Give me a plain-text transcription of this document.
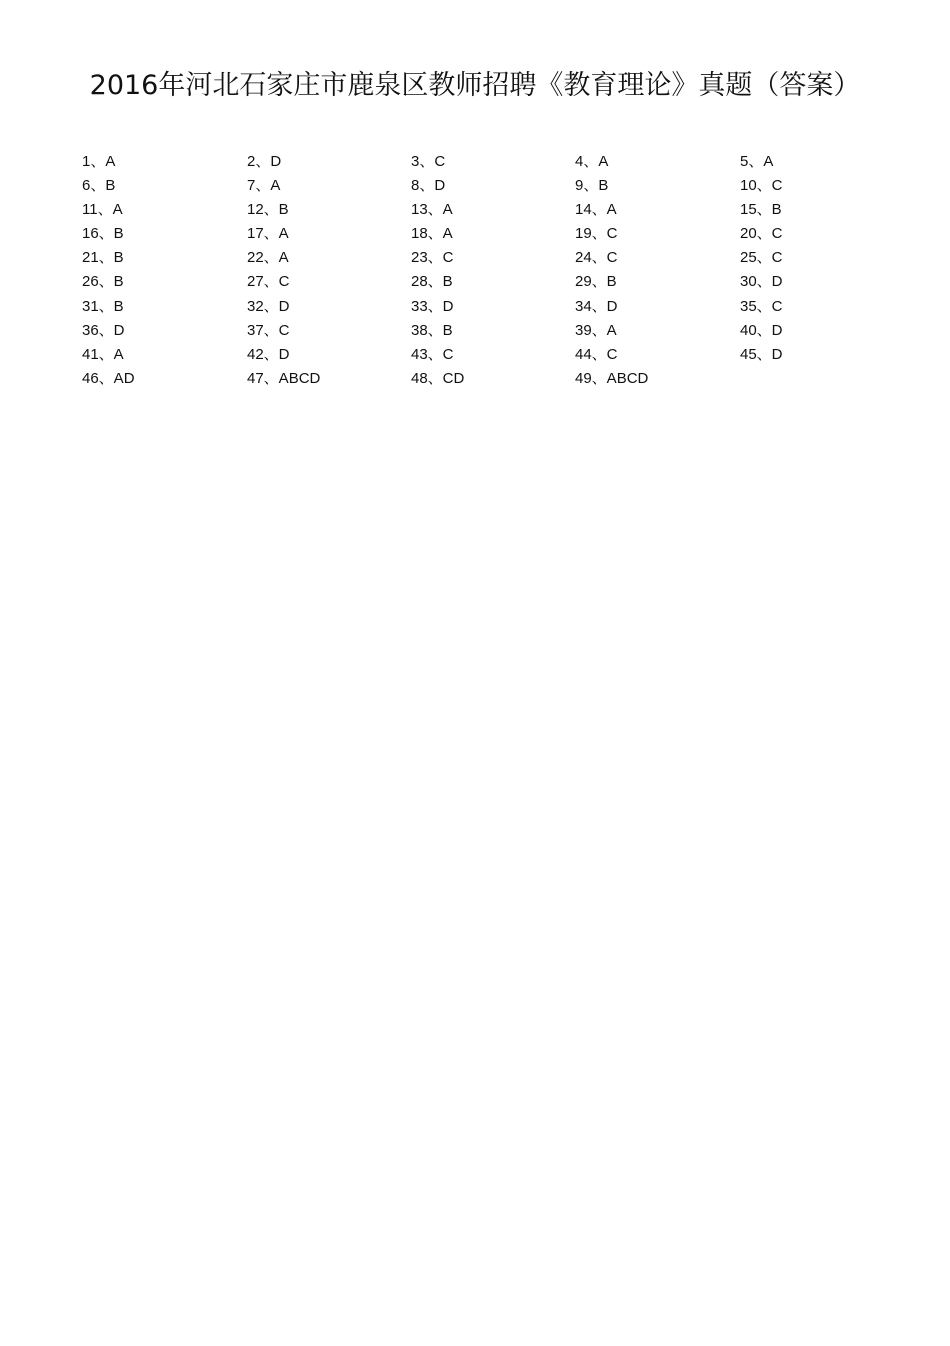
2016年河北石家庄市鹿泉区教师招聘《教育理论》真题（答案）
1、A	2、D	3、C	4、A	5、A
6、B	7、A	8、D	9、B	10、C
11、A	12、B	13、A	14、A	15、B
16、B	17、A	18、A	19、C	20、C
21、B	22、A	23、C	24、C	25、C
26、B	27、C	28、B	29、B	30、D
31、B	32、D	33、D	34、D	35、C
36、D	37、C	38、B	39、A	40、D
41、A	42、D	43、C	44、C	45、D
46、AD	47、ABCD	48、CD	49、ABCD
